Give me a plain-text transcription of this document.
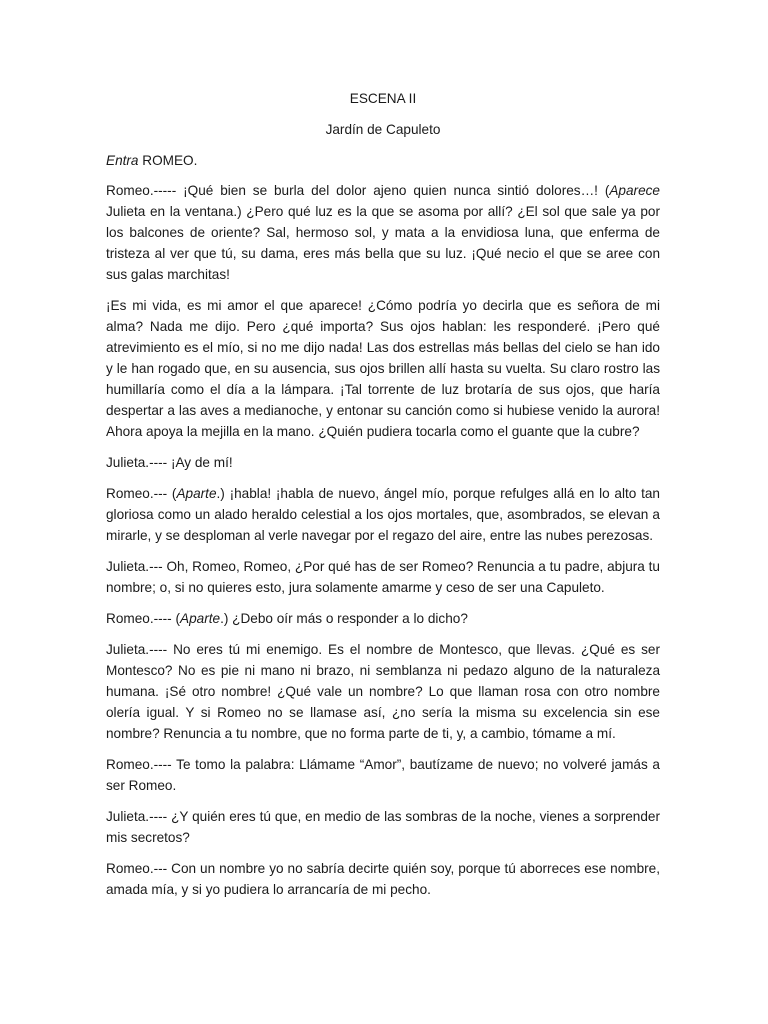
ESCENA II

Jardín de Capuleto

Entra ROMEO.

Romeo.----- ¡Qué bien se burla del dolor ajeno quien nunca sintió dolores…! (Aparece Julieta en la ventana.) ¿Pero qué luz es la que se asoma por allí? ¿El sol que sale ya por los balcones de oriente? Sal, hermoso sol, y mata a la envidiosa luna, que enferma de tristeza al ver que tú, su dama, eres más bella que su luz. ¡Qué necio el que se aree con sus galas marchitas!

¡Es mi vida, es mi amor el que aparece! ¿Cómo podría yo decirla que es señora de mi alma? Nada me dijo. Pero ¿qué importa? Sus ojos hablan: les responderé. ¡Pero qué atrevimiento es el mío, si no me dijo nada! Las dos estrellas más bellas del cielo se han ido y le han rogado que, en su ausencia, sus ojos brillen allí hasta su vuelta. Su claro rostro las humillaría como el día a la lámpara. ¡Tal torrente de luz brotaría de sus ojos, que haría despertar a las aves a medianoche, y entonar su canción como si hubiese venido la aurora! Ahora apoya la mejilla en la mano. ¿Quién pudiera tocarla como el guante que la cubre?

Julieta.---- ¡Ay de mí!

Romeo.--- (Aparte.) ¡habla! ¡habla de nuevo, ángel mío, porque refulges allá en lo alto tan gloriosa como un alado heraldo celestial a los ojos mortales, que, asombrados, se elevan a mirarle, y se desploman al verle navegar por el regazo del aire, entre las nubes perezosas.

Julieta.--- Oh, Romeo, Romeo, ¿Por qué has de ser Romeo? Renuncia a tu padre, abjura tu nombre; o, si no quieres esto, jura solamente amarme y ceso de ser una Capuleto.

Romeo.---- (Aparte.) ¿Debo oír más o responder a lo dicho?

Julieta.---- No eres tú mi enemigo. Es el nombre de Montesco, que llevas. ¿Qué es ser Montesco? No es pie ni mano ni brazo, ni semblanza ni pedazo alguno de la naturaleza humana. ¡Sé otro nombre! ¿Qué vale un nombre? Lo que llaman rosa con otro nombre olería igual. Y si Romeo no se llamase así, ¿no sería la misma su excelencia sin ese nombre? Renuncia a tu nombre, que no forma parte de ti, y, a cambio, tómame a mí.

Romeo.---- Te tomo la palabra: Llámame “Amor”, bautízame de nuevo; no volveré jamás a ser Romeo.

Julieta.---- ¿Y quién eres tú que, en medio de las sombras de la noche, vienes a sorprender mis secretos?

Romeo.--- Con un nombre yo no sabría decirte quién soy, porque tú aborreces ese nombre, amada mía, y si yo pudiera lo arrancaría de mi pecho.
